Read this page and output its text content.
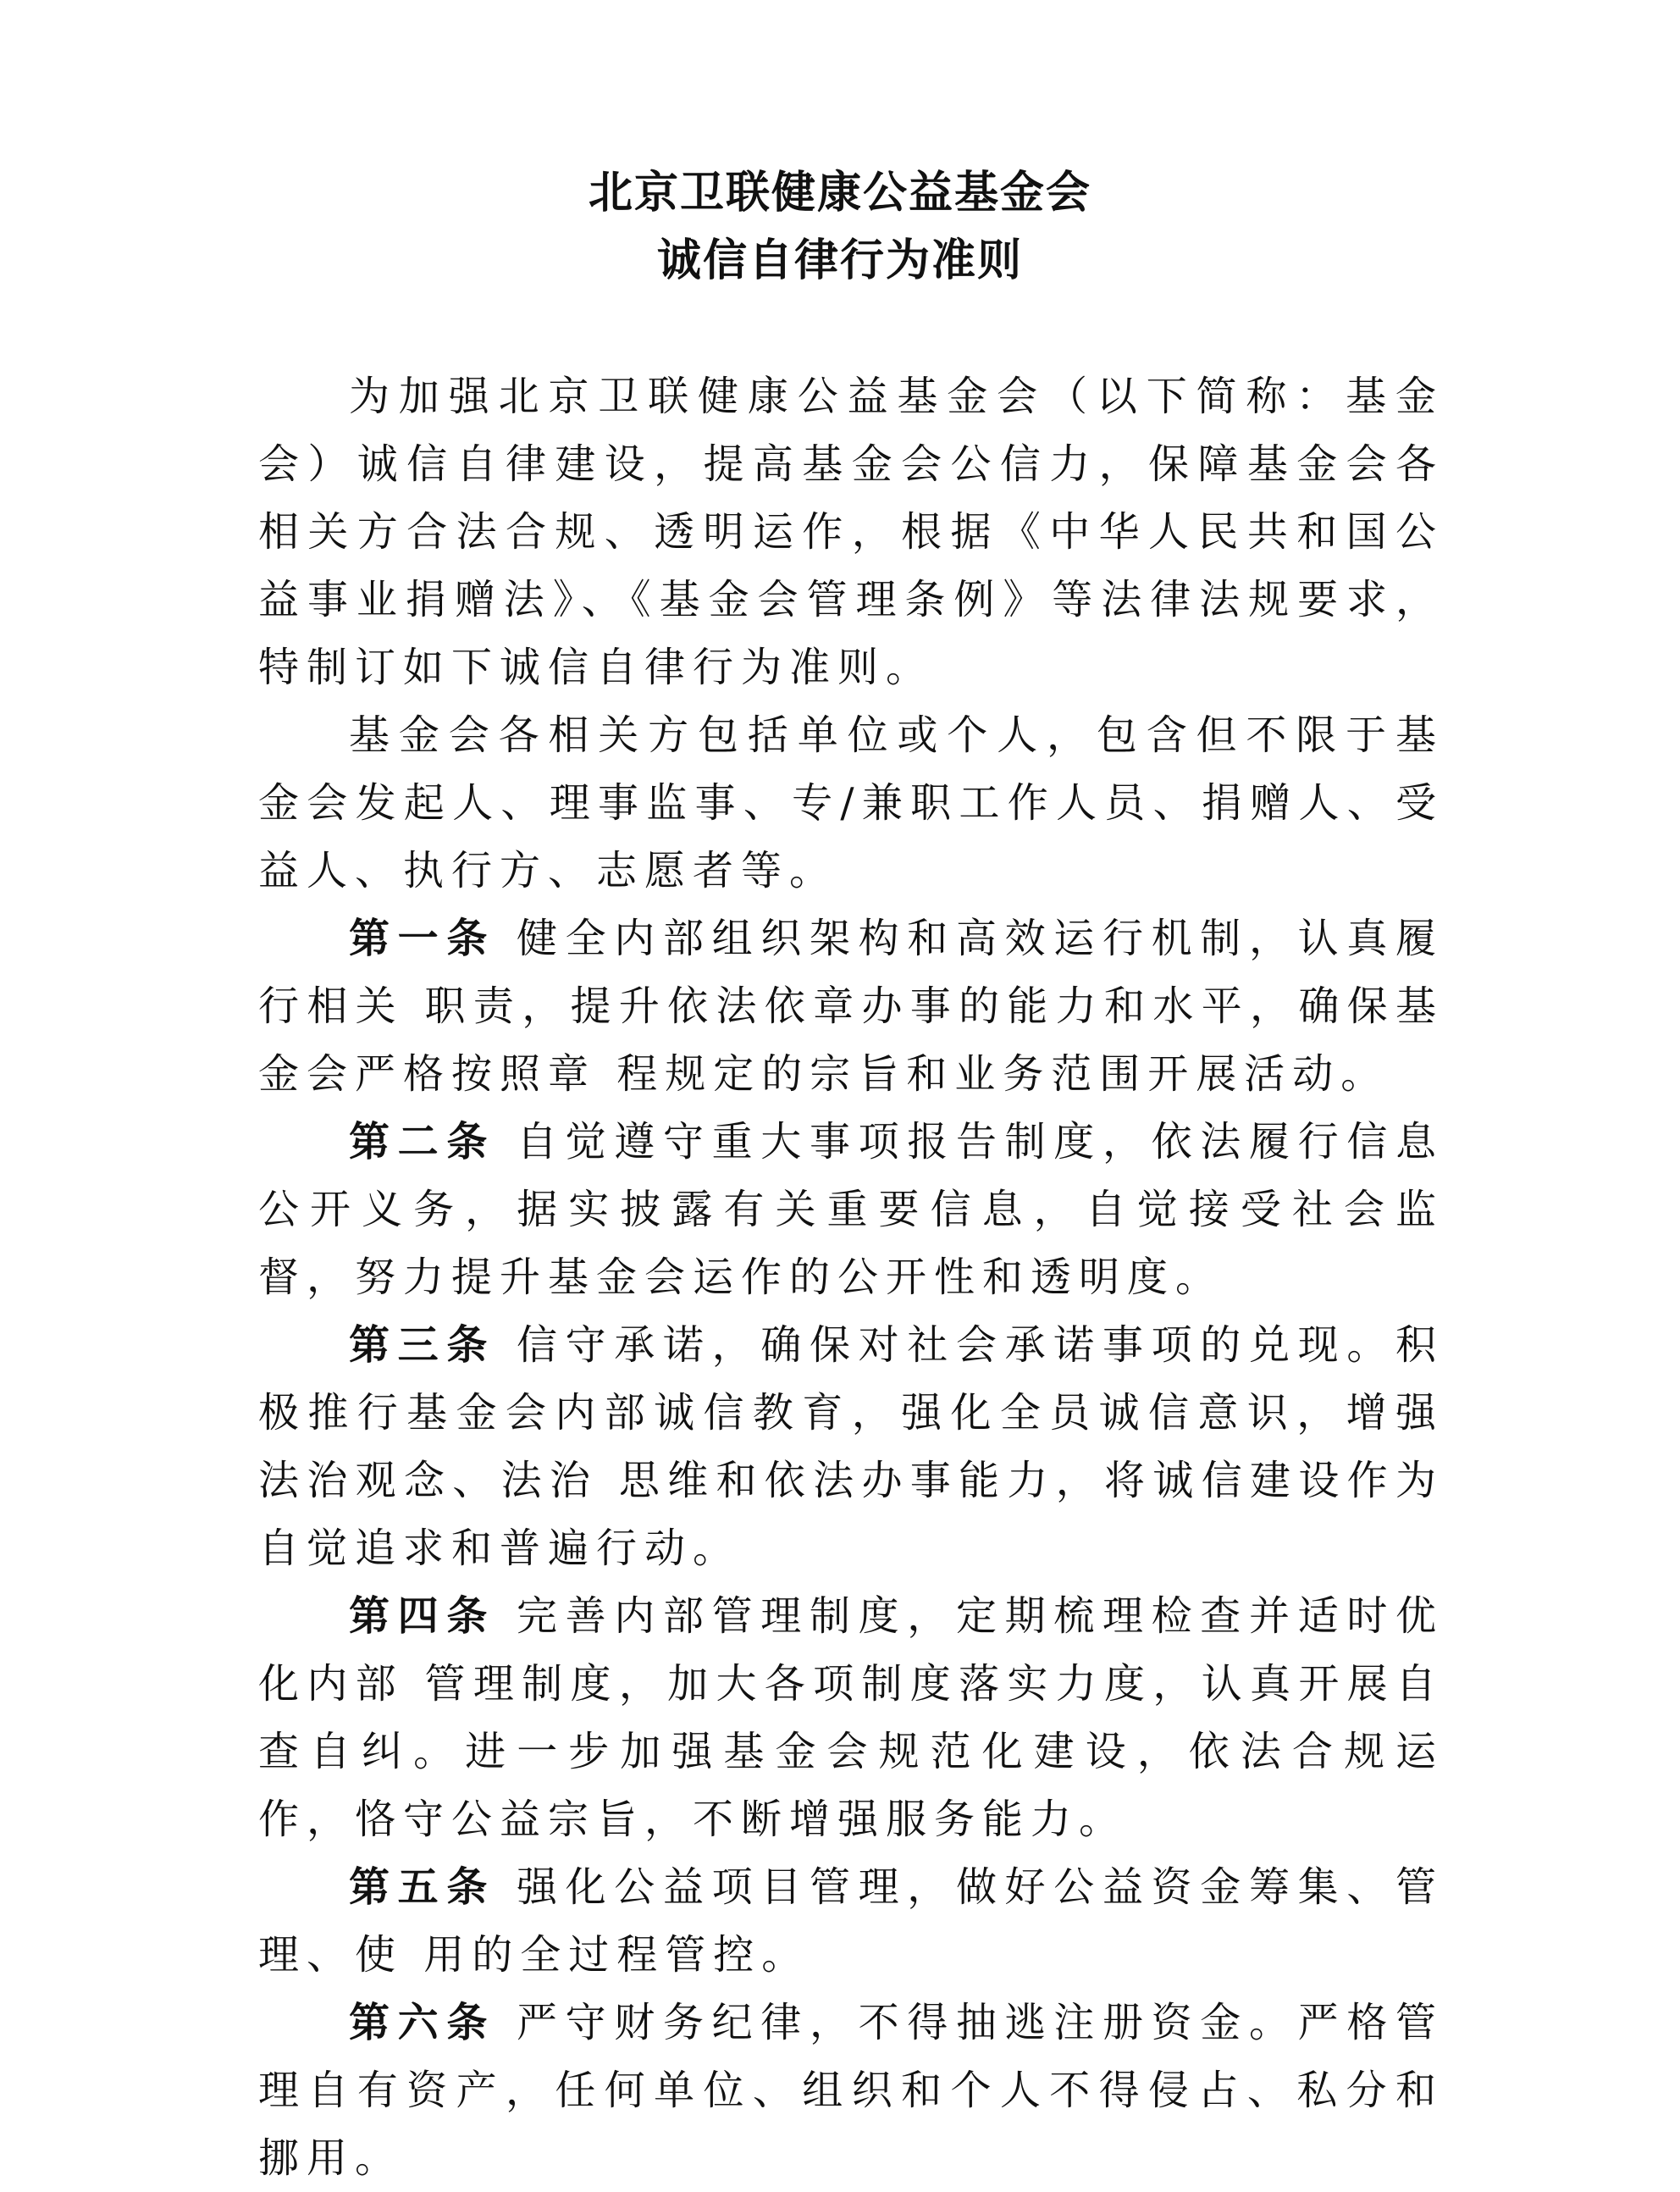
北京卫联健康公益基金会
诚信自律行为准则

为加强北京卫联健康公益基金会（以下简称：基金会）诚信自律建设，提高基金会公信力，保障基金会各相关方合法合规、透明运作，根据《中华人民共和国公益事业捐赠法》、《基金会管理条例》等法律法规要求，特制订如下诚信自律行为准则。

基金会各相关方包括单位或个人，包含但不限于基金会发起人、理事监事、专/兼职工作人员、捐赠人、受益人、执行方、志愿者等。

第一条 健全内部组织架构和高效运行机制，认真履行相关 职责，提升依法依章办事的能力和水平，确保基金会严格按照章 程规定的宗旨和业务范围开展活动。

第二条 自觉遵守重大事项报告制度，依法履行信息公开义务，据实披露有关重要信息，自觉接受社会监督，努力提升基金会运作的公开性和透明度。

第三条 信守承诺，确保对社会承诺事项的兑现。积极推行基金会内部诚信教育，强化全员诚信意识，增强法治观念、法治 思维和依法办事能力，将诚信建设作为自觉追求和普遍行动。

第四条 完善内部管理制度，定期梳理检查并适时优化内部 管理制度，加大各项制度落实力度，认真开展自查自纠。进一步加强基金会规范化建设，依法合规运作，恪守公益宗旨，不断增强服务能力。

第五条 强化公益项目管理，做好公益资金筹集、管理、使 用的全过程管控。

第六条 严守财务纪律，不得抽逃注册资金。严格管理自有资产，任何单位、组织和个人不得侵占、私分和挪用。
